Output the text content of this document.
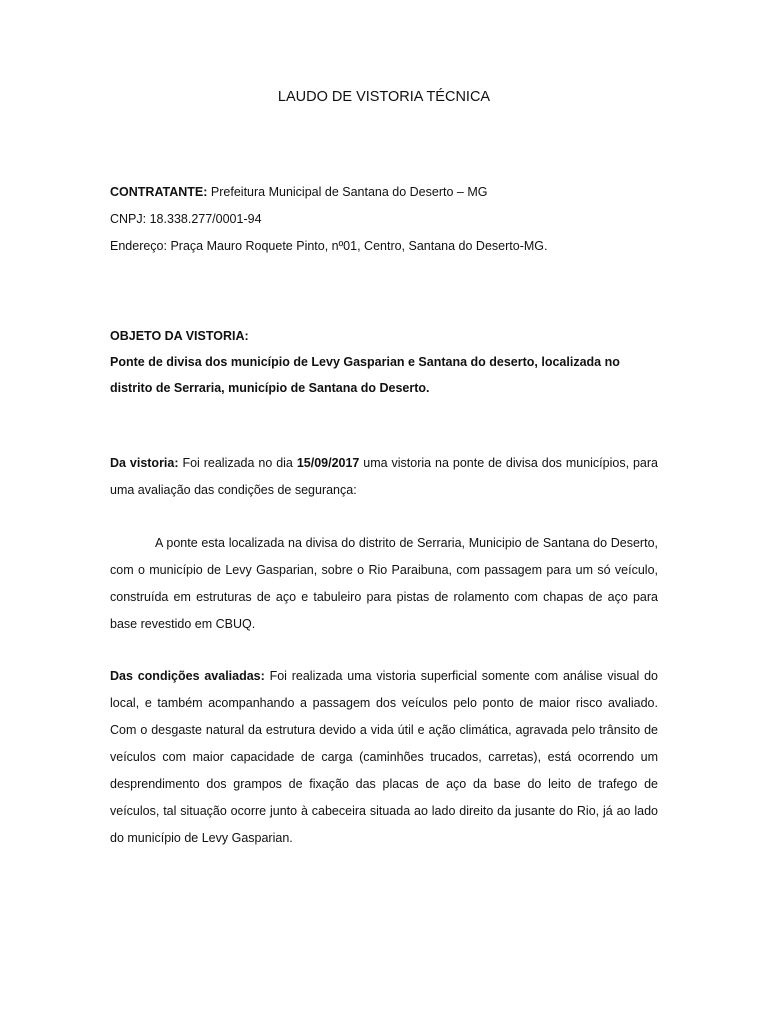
LAUDO DE VISTORIA TÉCNICA
CONTRATANTE: Prefeitura Municipal de Santana do Deserto – MG
CNPJ: 18.338.277/0001-94
Endereço: Praça Mauro Roquete Pinto, nº01, Centro, Santana do Deserto-MG.
OBJETO DA VISTORIA:
Ponte de divisa dos município de Levy Gasparian e Santana do deserto, localizada no distrito de Serraria, município de Santana do Deserto.
Da vistoria: Foi realizada no dia 15/09/2017 uma vistoria na ponte de divisa dos municípios, para uma avaliação das condições de segurança:
A ponte esta localizada na divisa do distrito de Serraria, Municipio de Santana do Deserto, com o município de Levy Gasparian, sobre o Rio Paraibuna, com passagem para um só veículo, construída em estruturas de aço e tabuleiro para pistas de rolamento com chapas de aço para base revestido em CBUQ.
Das condições avaliadas: Foi realizada uma vistoria superficial somente com análise visual do local, e também acompanhando a passagem dos veículos pelo ponto de maior risco avaliado. Com o desgaste natural da estrutura devido a vida útil e ação climática, agravada pelo trânsito de veículos com maior capacidade de carga (caminhões trucados, carretas), está ocorrendo um desprendimento dos grampos de fixação das placas de aço da base do leito de trafego de veículos, tal situação ocorre junto à cabeceira situada ao lado direito da jusante do Rio, já ao lado do município de Levy Gasparian.
